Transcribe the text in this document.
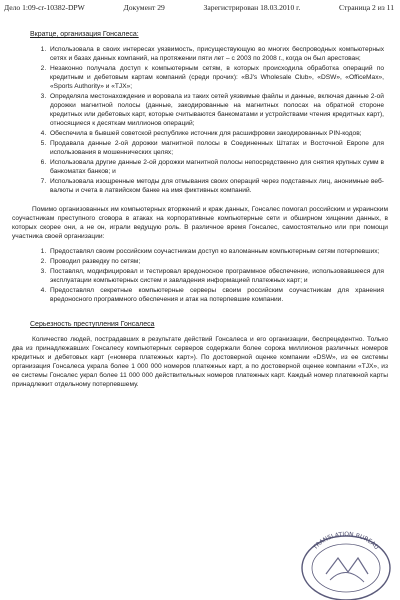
Дело 1:09-cr-10382-DPW	Документ 29	Зарегистрирован 18.03.2010 г.	Страница 2 из 11
Вкратце, организация Гонсалеса:
1. Использовала в своих интересах уязвимость, присуществующую во многих беспроводных компьютерных сетях и базах данных компаний, на протяжении пяти лет – с 2003 по 2008 г., когда он был арестован;
2. Незаконно получала доступ к компьютерным сетям, в которых происходила обработка операций по кредитным и дебетовым картам компаний (среди прочих): «BJ's Wholesale Club», «DSW», «OfficeMax», «Sports Authority» и «TJX»;
3. Определяла местонахождение и воровала из таких сетей уязвимые файлы и данные, включая данные 2-ой дорожки магнитной полосы (данные, закодированные на магнитных полосах на обратной стороне кредитных или дебетовых карт, которые считываются банкоматами и устройствами чтения кредитных карт), относящиеся к десяткам миллионов операций;
4. Обеспечила в бывшей советской республике источник для расшифровки закодированных PIN-кодов;
5. Продавала данные 2-ой дорожки магнитной полосы в Соединенных Штатах и Восточной Европе для использования в мошеннических целях;
6. Использовала другие данные 2-ой дорожки магнитной полосы непосредственно для снятия крупных сумм в банкоматах банков; и
7. Использовала изощренные методы для отмывания своих операций через подставных лиц, анонимные веб-валюты и счета в латвийском банке на имя фиктивных компаний.

Помимо организованных им компьютерных вторжений и краж данных, Гонсалес помогал российским и украинским соучастникам преступного сговора в атаках на корпоративные компьютерные сети и обширном хищении данных, в которых скорее они, а не он, играли ведущую роль. В различное время Гонсалес, самостоятельно или при помощи участника своей организации:

1. Предоставлял своим российским соучастникам доступ ко взломанным компьютерным сетям потерпевших;
2. Проводил разведку по сетям;
3. Поставлял, модифицировал и тестировал вредоносное программное обеспечение, использовавшееся для эксплуатации компьютерных систем и завладения информацией платежных карт; и
4. Предоставлял секретные компьютерные серверы своим российским соучастникам для хранения вредоносного программного обеспечения и атак на потерпевшие компании.
Серьезность преступления Гонсалеса

Количество людей, пострадавших в результате действий Гонсалеса и его организации, беспрецедентно. Только два из принадлежавших Гонсалесу компьютерных серверов содержали более сорока миллионов различных номеров кредитных и дебетовых карт («номера платежных карт»). По достоверной оценке компании «DSW», из ее системы организация Гонсалеса украла более 1 000 000 номеров платежных карт, а по достоверной оценке компании «TJX», из ее системы Гонсалес украл более 11 000 000 действительных номеров платежных карт. Каждый номер платежной карты принадлежит отдельному потерпевшему.

TRANSLATION BUREAU
